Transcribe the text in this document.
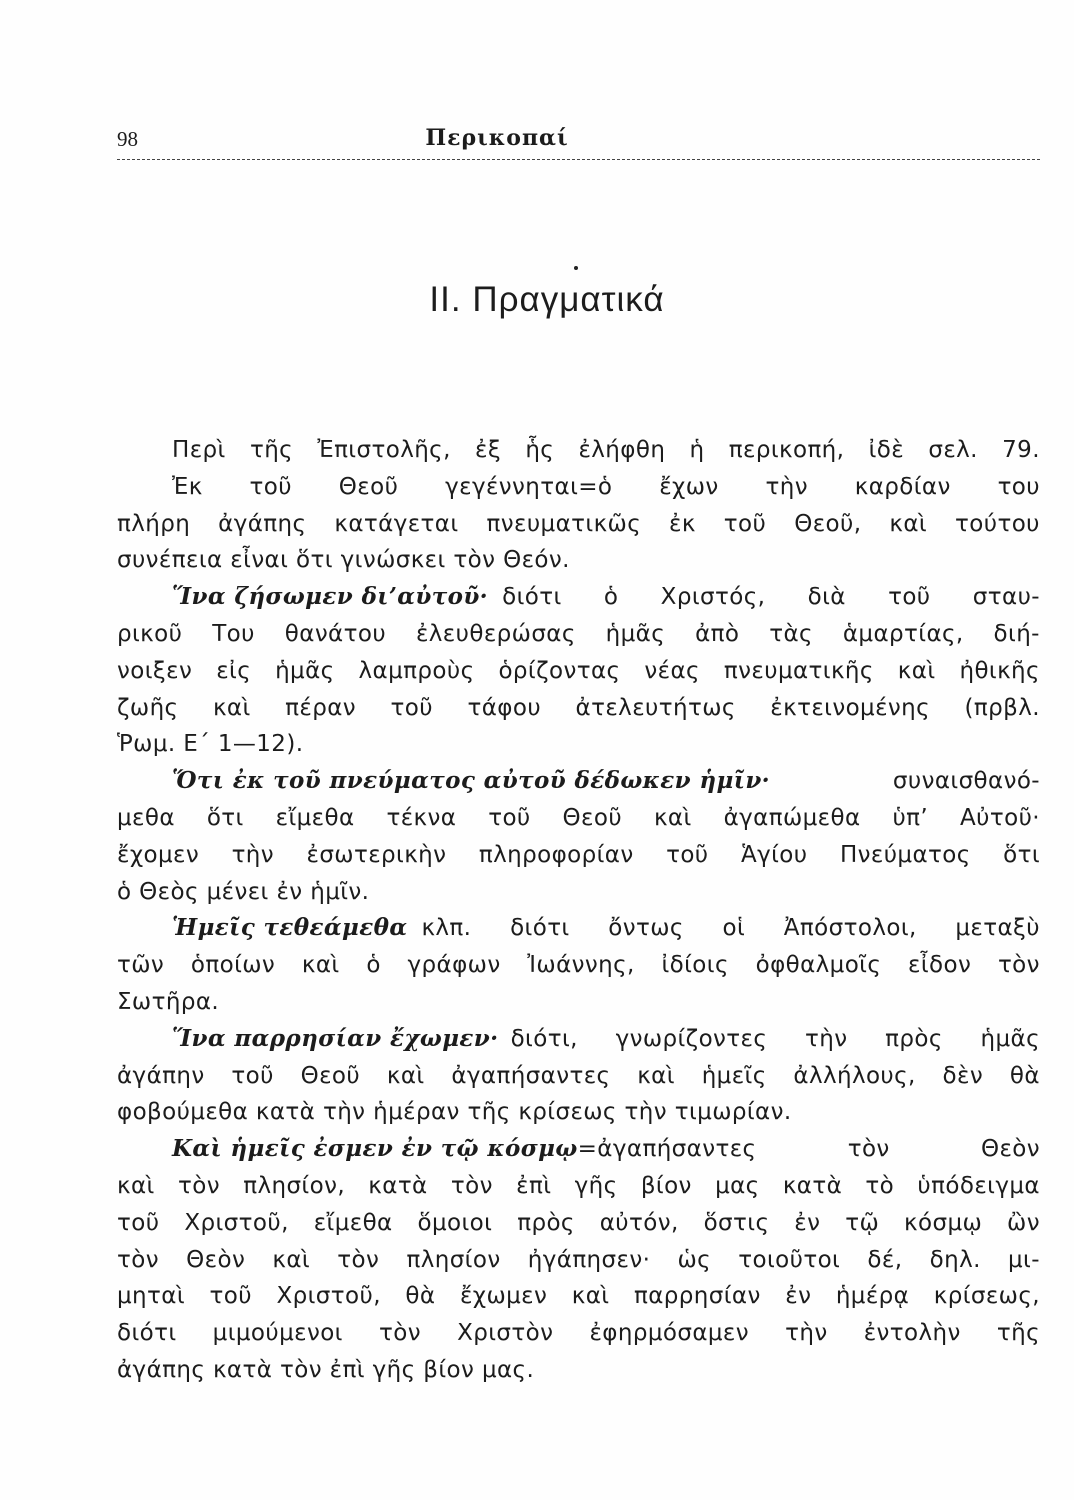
98	Περικοπαί
ΙΙ. Πραγματικά
Περὶ τῆς Ἐπιστολῆς, ἐξ ἧς ἐλήφθη ἡ περικοπή, ἰδὲ σελ. 79.
Ἐκ τοῦ Θεοῦ γεγέννηται=ὁ ἔχων τὴν καρδίαν του
πλήρη ἀγάπης κατάγεται πνευματικῶς ἐκ τοῦ Θεοῦ, καὶ τούτου
συνέπεια εἶναι ὅτι γινώσκει τὸν Θεόν.
Ἵνα ζήσωμεν δι’αὐτοῦ· διότι ὁ Χριστός, διὰ τοῦ σταυ-
ρικοῦ Του θανάτου ἐλευθερώσας ἡμᾶς ἀπὸ τὰς ἁμαρτίας, διή-
νοιξεν εἰς ἡμᾶς λαμπροὺς ὁρίζοντας νέας πνευματικῆς καὶ ἠθικῆς
ζωῆς καὶ πέραν τοῦ τάφου ἀτελευτήτως ἐκτεινομένης (πρβλ.
Ῥωμ. Ε΄ 1—12).
Ὅτι ἐκ τοῦ πνεύματος αὐτοῦ δέδωκεν ἡμῖν·	συναισθανό-
μεθα ὅτι εἴμεθα τέκνα τοῦ Θεοῦ καὶ ἀγαπώμεθα ὑπ’ Αὐτοῦ·
ἔχομεν τὴν ἐσωτερικὴν πληροφορίαν τοῦ Ἁγίου Πνεύματος ὅτι
ὁ Θεὸς μένει ἐν ἡμῖν.
Ἡμεῖς τεθεάμεθα κλπ. διότι ὄντως οἱ Ἀπόστολοι, μεταξὺ
τῶν ὁποίων καὶ ὁ γράφων Ἰωάννης, ἰδίοις ὀφθαλμοῖς εἶδον τὸν
Σωτῆρα.
Ἵνα παρρησίαν ἔχωμεν· διότι, γνωρίζοντες τὴν πρὸς ἡμᾶς
ἀγάπην τοῦ Θεοῦ καὶ ἀγαπήσαντες καὶ ἡμεῖς ἀλλήλους, δὲν θὰ
φοβούμεθα κατὰ τὴν ἡμέραν τῆς κρίσεως τὴν τιμωρίαν.
Καὶ ἡμεῖς ἐσμεν ἐν τῷ κόσμῳ =ἀγαπήσαντες	τὸν	Θεὸν
καὶ τὸν πλησίον, κατὰ τὸν ἐπὶ γῆς βίον μας κατὰ τὸ ὑπόδειγμα
τοῦ Χριστοῦ, εἴμεθα ὅμοιοι πρὸς αὐτόν, ὅστις ἐν τῷ κόσμῳ ὢν
τὸν Θεὸν καὶ τὸν πλησίον ἠγάπησεν· ὡς τοιοῦτοι δέ, δηλ. μι-
μηταὶ τοῦ Χριστοῦ, θὰ ἔχωμεν καὶ παρρησίαν ἐν ἡμέρᾳ κρίσεως,
διότι μιμούμενοι τὸν Χριστὸν ἐφηρμόσαμεν τὴν ἐντολὴν τῆς
ἀγάπης κατὰ τὸν ἐπὶ γῆς βίον μας.
